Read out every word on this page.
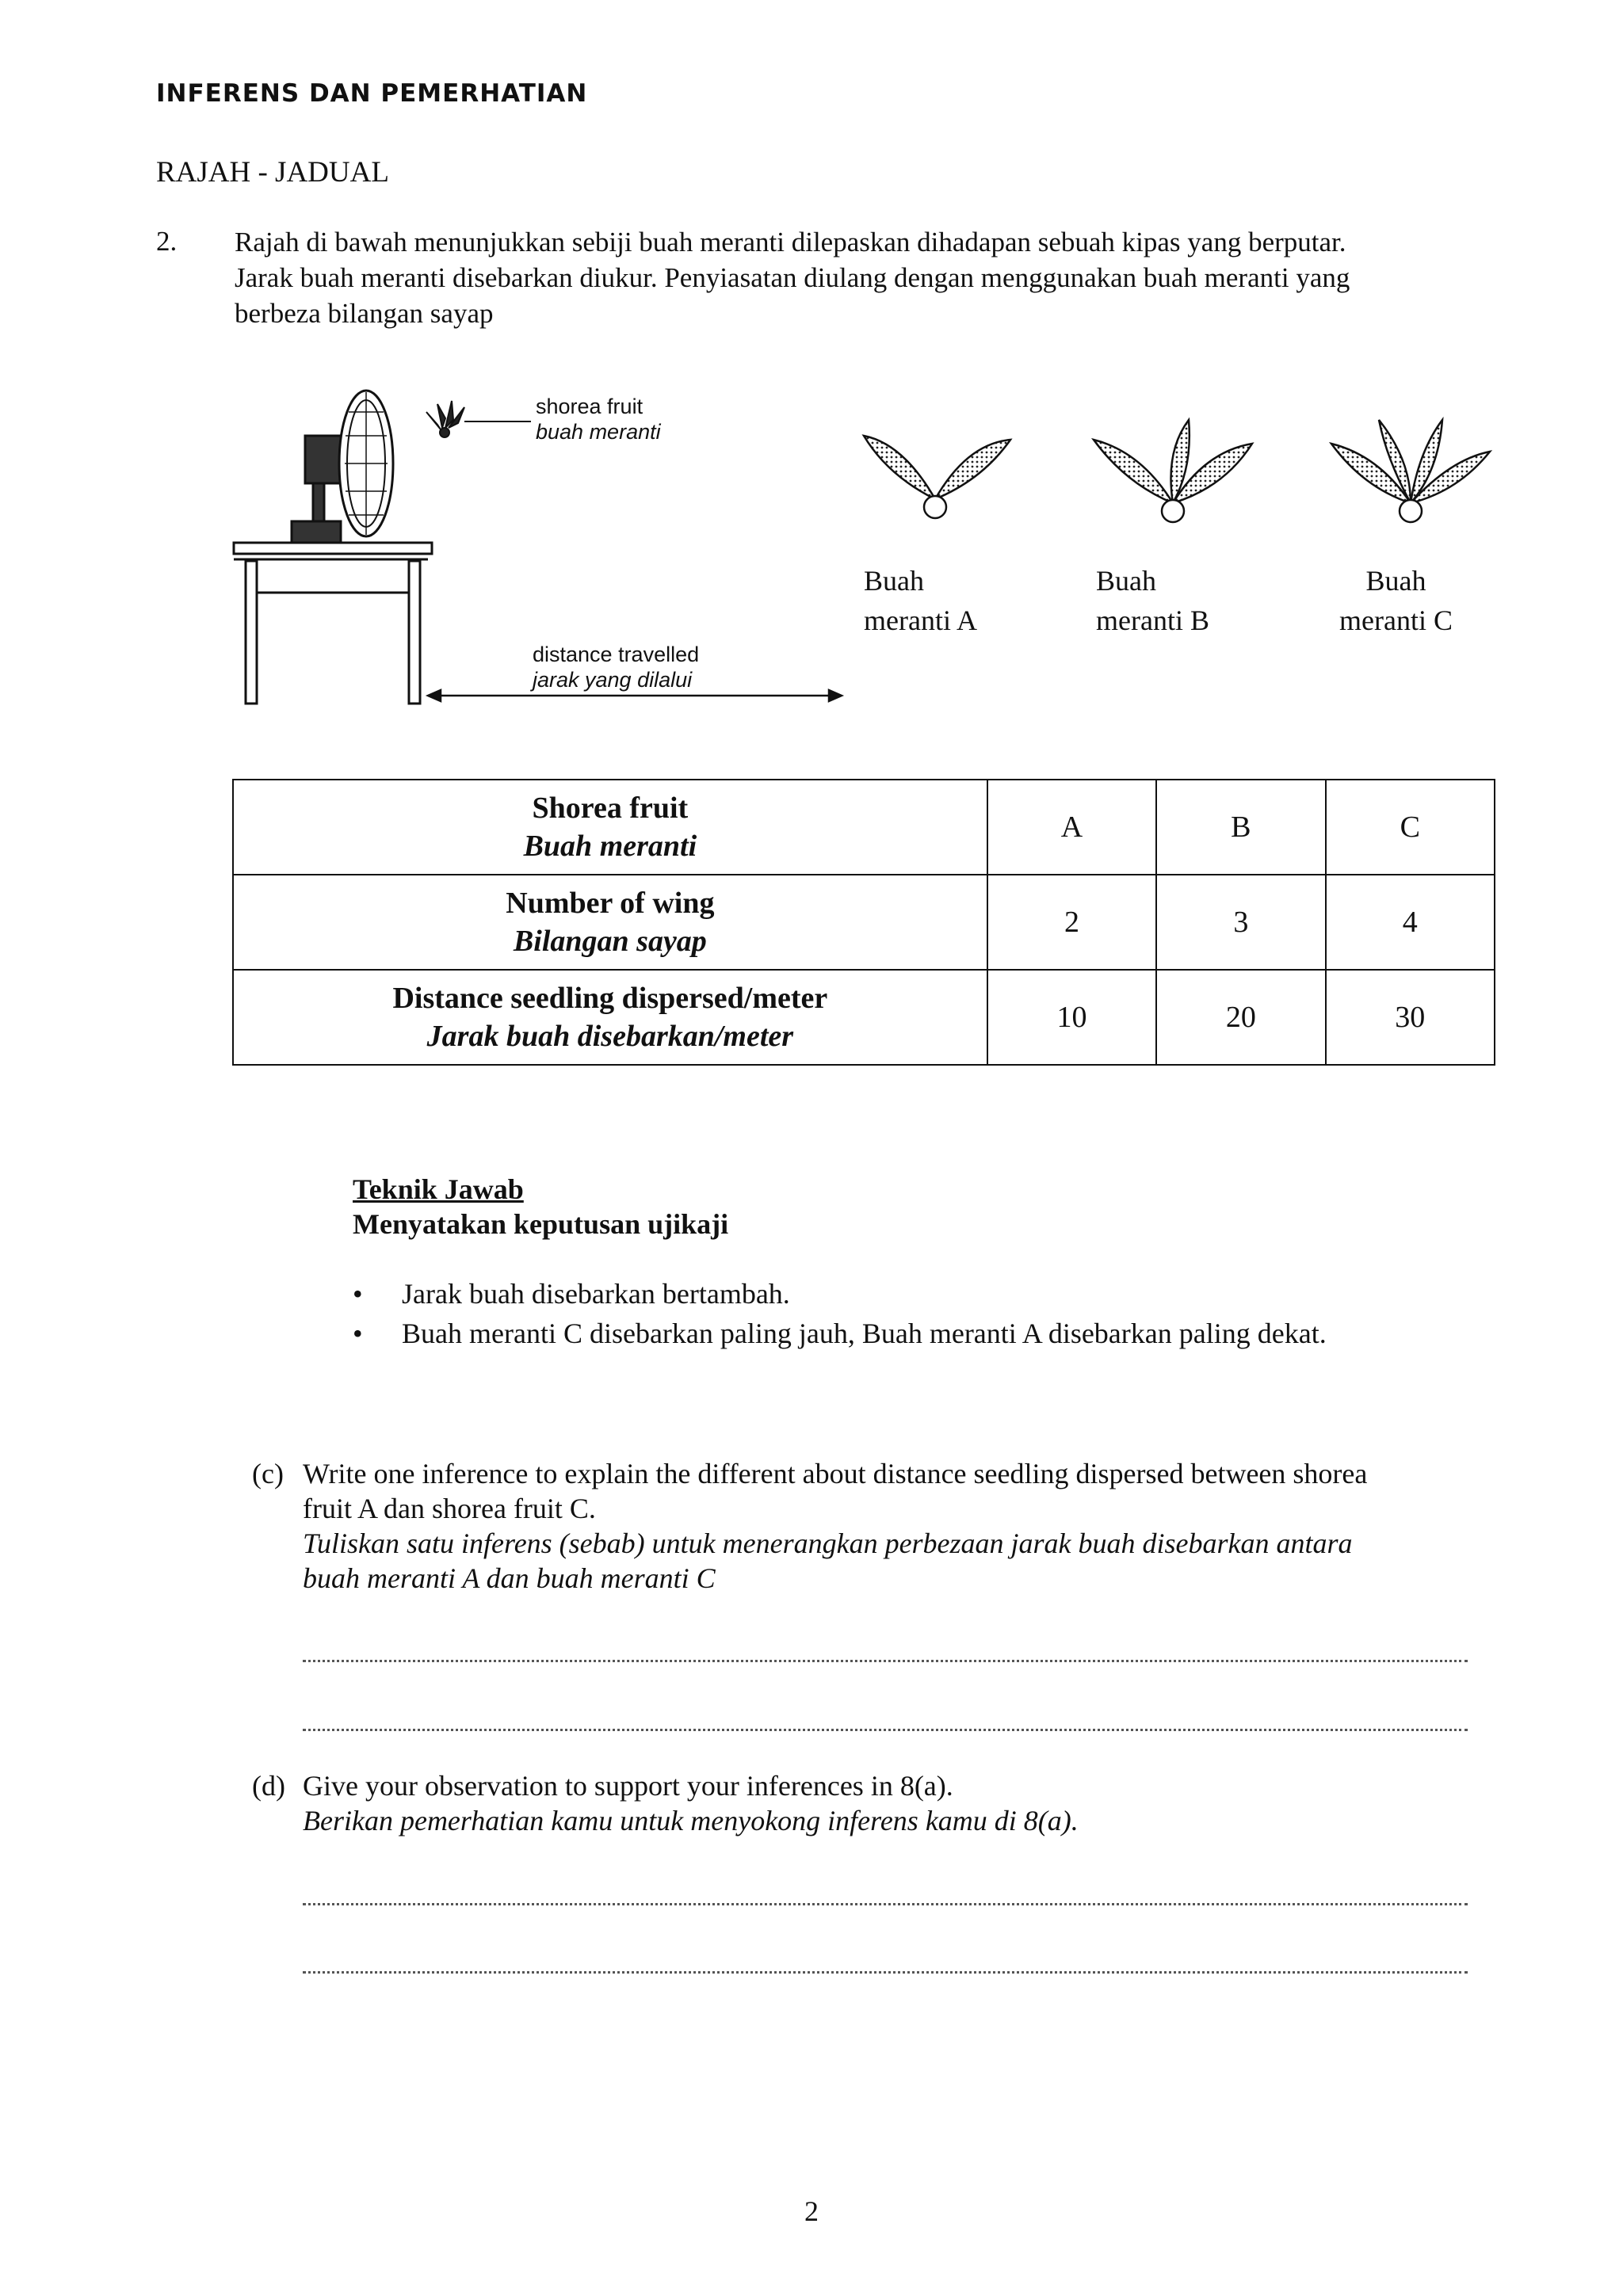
INFERENS DAN PEMERHATIAN
RAJAH - JADUAL
2. Rajah di bawah menunjukkan sebiji buah meranti dilepaskan dihadapan sebuah kipas yang berputar.
Jarak buah meranti disebarkan diukur. Penyiasatan diulang dengan menggunakan buah meranti yang
berbeza bilangan sayap
shorea fruit
buah meranti
distance travelled
jarak yang dilalui
Buah
meranti A
Buah
meranti B
Buah
meranti C
Shorea fruit
Buah meranti	A	B	C

Number of wing
Bilangan sayap	2	3	4

Distance seedling dispersed/meter
Jarak buah disebarkan/meter	10	20	30
Teknik Jawab
Menyatakan keputusan ujikaji
• Jarak buah disebarkan bertambah.
• Buah meranti C disebarkan paling jauh, Buah meranti A disebarkan paling dekat.
(c) Write one inference to explain the different about distance seedling dispersed between shorea
fruit A dan shorea fruit C.
Tuliskan satu inferens (sebab) untuk menerangkan perbezaan jarak buah disebarkan antara
buah meranti A dan buah meranti C
(d) Give your observation to support your inferences in 8(a).
Berikan pemerhatian kamu untuk menyokong inferens kamu di 8(a).
2
